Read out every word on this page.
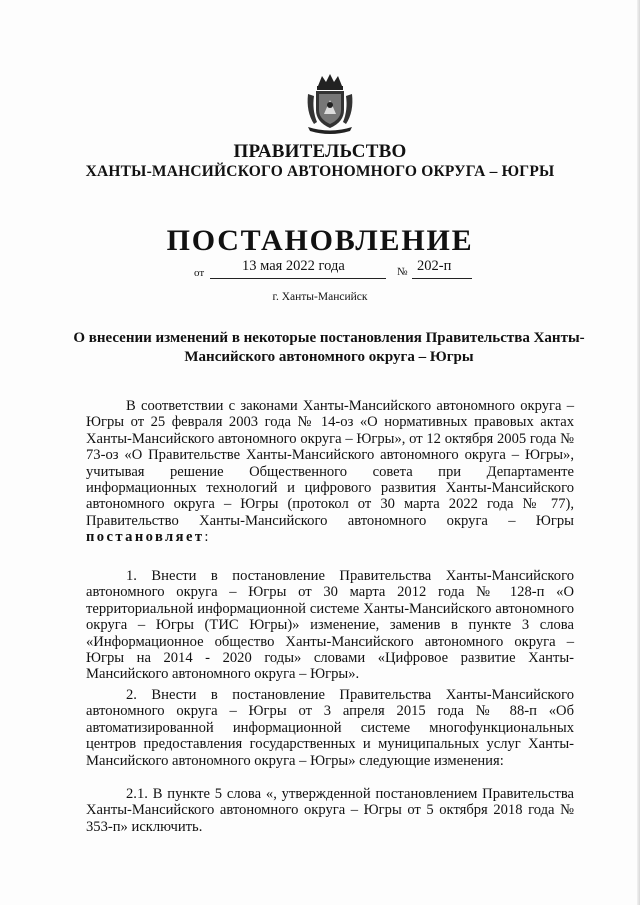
ПРАВИТЕЛЬСТВО
ХАНТЫ-МАНСИЙСКОГО АВТОНОМНОГО ОКРУГА – ЮГРЫ
ПОСТАНОВЛЕНИЕ
от	13 мая 2022 года	№ 202-п
г. Ханты-Мансийск
О внесении изменений в некоторые постановления Правительства Ханты-Мансийского автономного округа – Югры
В соответствии с законами Ханты-Мансийского автономного округа – Югры от 25 февраля 2003 года № 14-оз «О нормативных правовых актах Ханты-Мансийского автономного округа – Югры», от 12 октября 2005 года № 73-оз «О Правительстве Ханты-Мансийского автономного округа – Югры», учитывая решение Общественного совета при Департаменте информационных технологий и цифрового развития Ханты-Мансийского автономного округа – Югры (протокол от 30 марта 2022 года № 77), Правительство Ханты-Мансийского автономного округа – Югры постановляет:
1. Внести в постановление Правительства Ханты-Мансийского автономного округа – Югры от 30 марта 2012 года № 128-п «О территориальной информационной системе Ханты-Мансийского автономного округа – Югры (ТИС Югры)» изменение, заменив в пункте 3 слова «Информационное общество Ханты-Мансийского автономного округа – Югры на 2014 - 2020 годы» словами «Цифровое развитие Ханты-Мансийского автономного округа – Югры».
2. Внести в постановление Правительства Ханты-Мансийского автономного округа – Югры от 3 апреля 2015 года № 88-п «Об автоматизированной информационной системе многофункциональных центров предоставления государственных и муниципальных услуг Ханты-Мансийского автономного округа – Югры» следующие изменения:
2.1. В пункте 5 слова «, утвержденной постановлением Правительства Ханты-Мансийского автономного округа – Югры от 5 октября 2018 года № 353-п» исключить.
